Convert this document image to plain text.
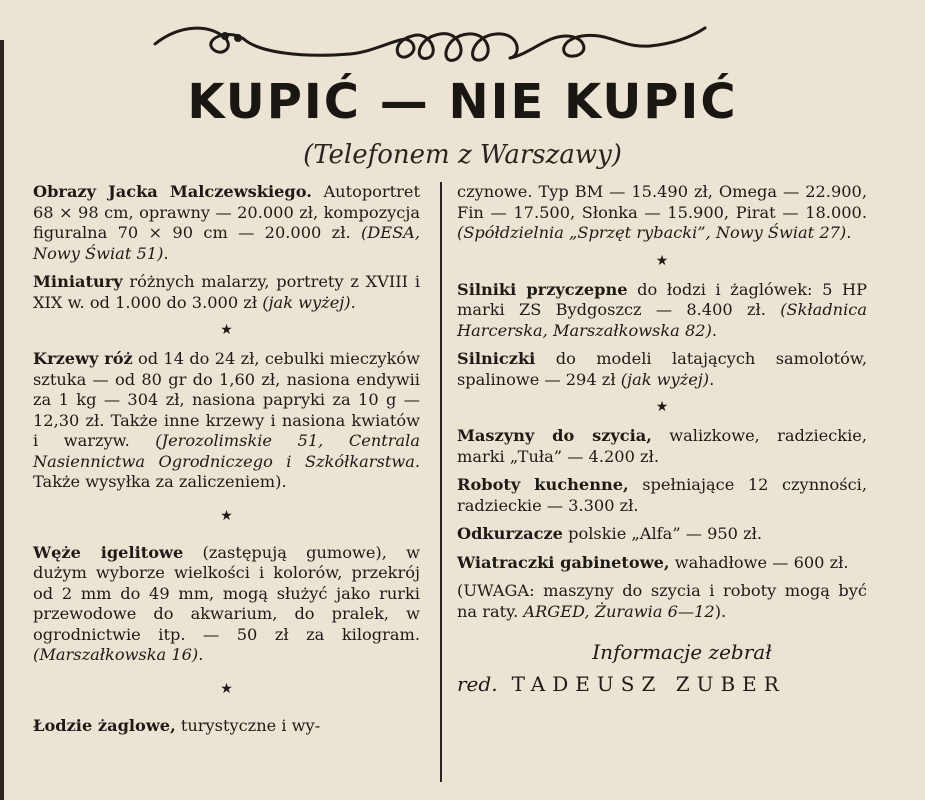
KUPIĆ — NIE KUPIĆ
(Telefonem z Warszawy)

Obrazy Jacka Malczewskiego. Autoportret 68 × 98 cm, oprawny — 20.000 zł, kompozycja figuralna 70 × 90 cm — 20.000 zł. (DESA, Nowy Świat 51).

Miniatury różnych malarzy, portrety z XVIII i XIX w. od 1.000 do 3.000 zł (jak wyżej).

★

Krzewy róż od 14 do 24 zł, cebulki mieczyków sztuka — od 80 gr do 1,60 zł, nasiona endywii za 1 kg — 304 zł, nasiona papryki za 10 g — 12,30 zł. Także inne krzewy i nasiona kwiatów i warzyw. (Jerozolimskie 51, Centrala Nasiennictwa Ogrodniczego i Szkółkarstwa. Także wysyłka za zaliczeniem).

★

Węże igelitowe (zastępują gumowe), w dużym wyborze wielkości i kolorów, przekrój od 2 mm do 49 mm, mogą służyć jako rurki przewodowe do akwarium, do pralek, w ogrodnictwie itp. — 50 zł za kilogram. (Marszałkowska 16).

★

Łodzie żaglowe, turystyczne i wy-

czynowe. Typ BM — 15.490 zł, Omega — 22.900, Fin — 17.500, Słonka — 15.900, Pirat — 18.000. (Spółdzielnia „Sprzęt rybacki”, Nowy Świat 27).

★

Silniki przyczepne do łodzi i żaglówek: 5 HP marki ZS Bydgoszcz — 8.400 zł. (Składnica Harcerska, Marszałkowska 82).

Silniczki do modeli latających samolotów, spalinowe — 294 zł (jak wyżej).

★

Maszyny do szycia, walizkowe, radzieckie, marki „Tuła” — 4.200 zł.

Roboty kuchenne, spełniające 12 czynności, radzieckie — 3.300 zł.

Odkurzacze polskie „Alfa” — 950 zł.

Wiatraczki gabinetowe, wahadłowe — 600 zł.

(UWAGA: maszyny do szycia i roboty mogą być na raty. ARGED, Żurawia 6—12).

Informacje zebrał
red. TADEUSZ ZUBER
